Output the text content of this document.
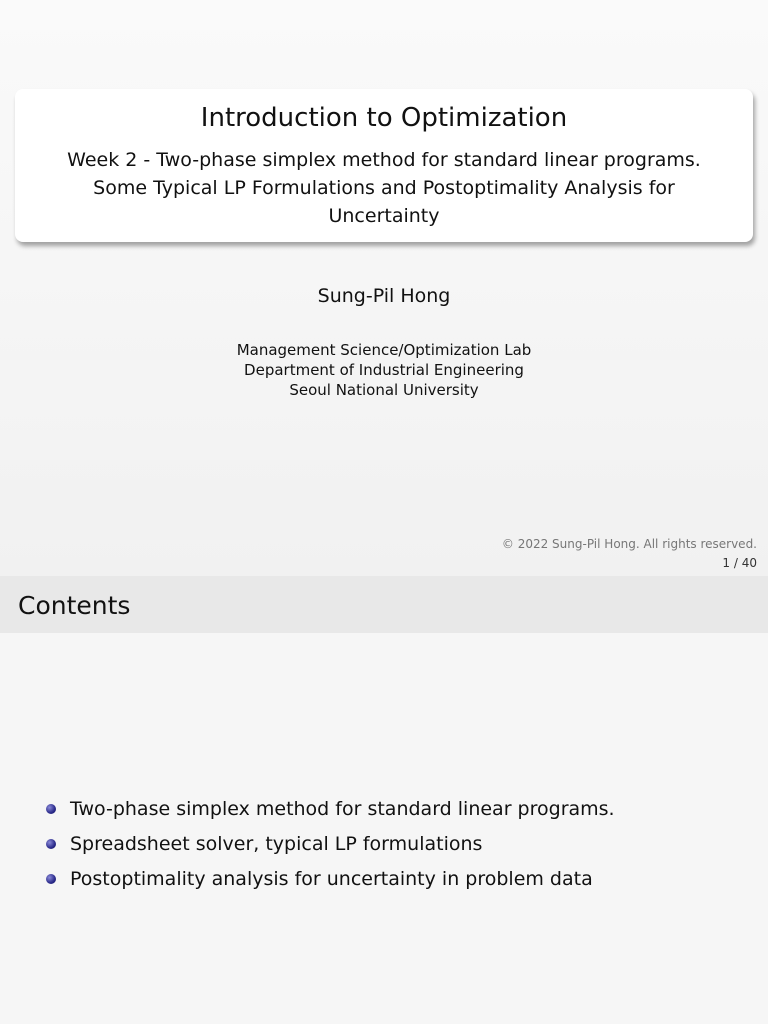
Introduction to Optimization
Week 2 - Two-phase simplex method for standard linear programs.
Some Typical LP Formulations and Postoptimality Analysis for
Uncertainty
Sung-Pil Hong
Management Science/Optimization Lab
Department of Industrial Engineering
Seoul National University
© 2022 Sung-Pil Hong. All rights reserved.
1 / 40
Contents
Two-phase simplex method for standard linear programs.
Spreadsheet solver, typical LP formulations
Postoptimality analysis for uncertainty in problem data
